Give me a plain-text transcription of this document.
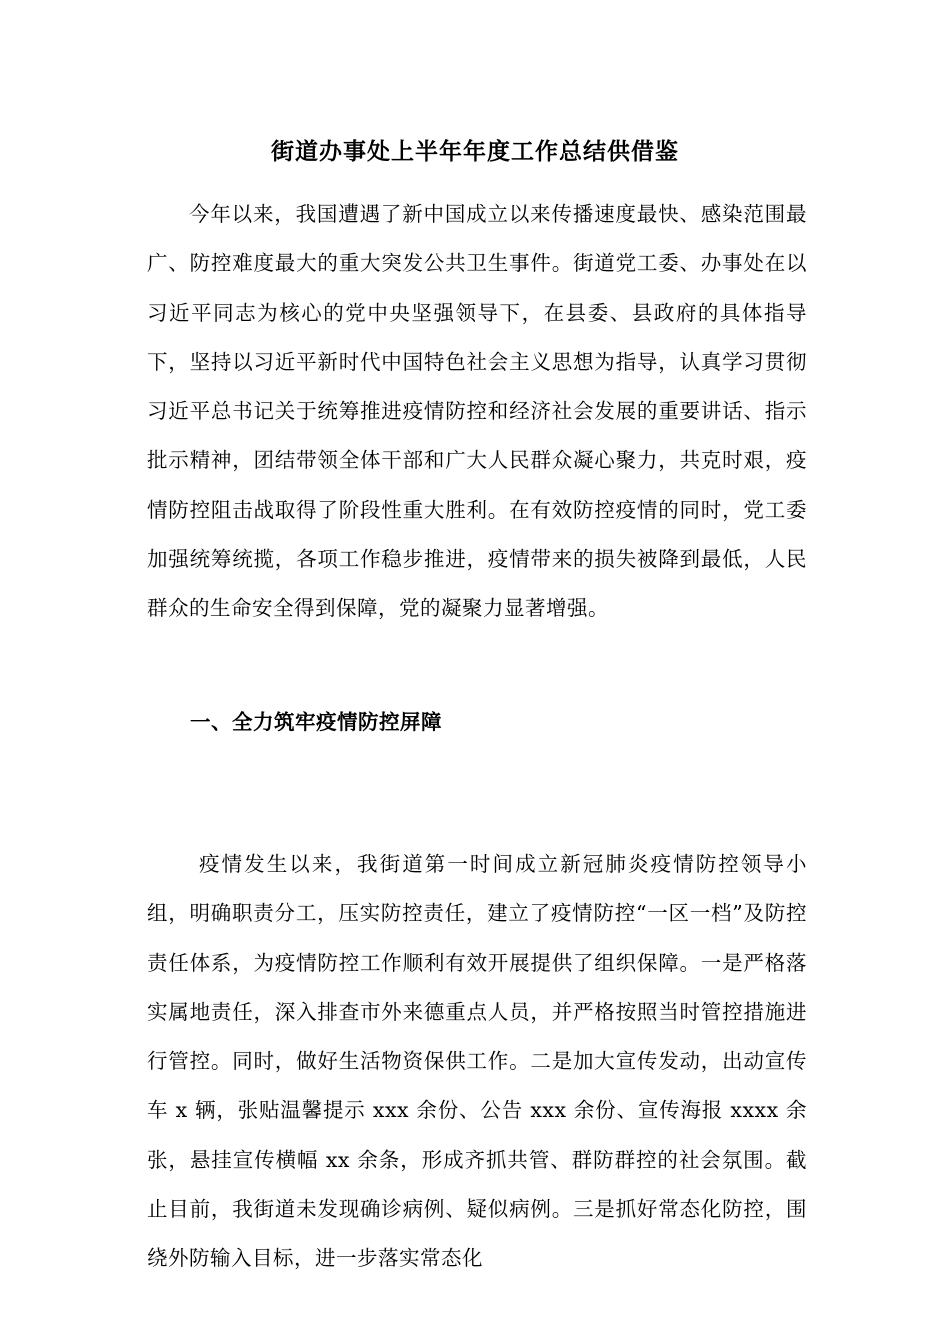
街道办事处上半年年度工作总结供借鉴

今年以来，我国遭遇了新中国成立以来传播速度最快、感染范围最广、防控难度最大的重大突发公共卫生事件。街道党工委、办事处在以习近平同志为核心的党中央坚强领导下，在县委、县政府的具体指导下，坚持以习近平新时代中国特色社会主义思想为指导，认真学习贯彻习近平总书记关于统筹推进疫情防控和经济社会发展的重要讲话、指示批示精神，团结带领全体干部和广大人民群众凝心聚力，共克时艰，疫情防控阻击战取得了阶段性重大胜利。在有效防控疫情的同时，党工委加强统筹统揽，各项工作稳步推进，疫情带来的损失被降到最低，人民群众的生命安全得到保障，党的凝聚力显著增强。

一、全力筑牢疫情防控屏障

疫情发生以来，我街道第一时间成立新冠肺炎疫情防控领导小组，明确职责分工，压实防控责任，建立了疫情防控“一区一档”及防控责任体系，为疫情防控工作顺利有效开展提供了组织保障。一是严格落实属地责任，深入排查市外来德重点人员，并严格按照当时管控措施进行管控。同时，做好生活物资保供工作。二是加大宣传发动，出动宣传车 x 辆，张贴温馨提示 xxx 余份、公告 xxx 余份、宣传海报 xxxx 余张，悬挂宣传横幅 xx 余条，形成齐抓共管、群防群控的社会氛围。截止目前，我街道未发现确诊病例、疑似病例。三是抓好常态化防控，围绕外防输入目标，进一步落实常态化
